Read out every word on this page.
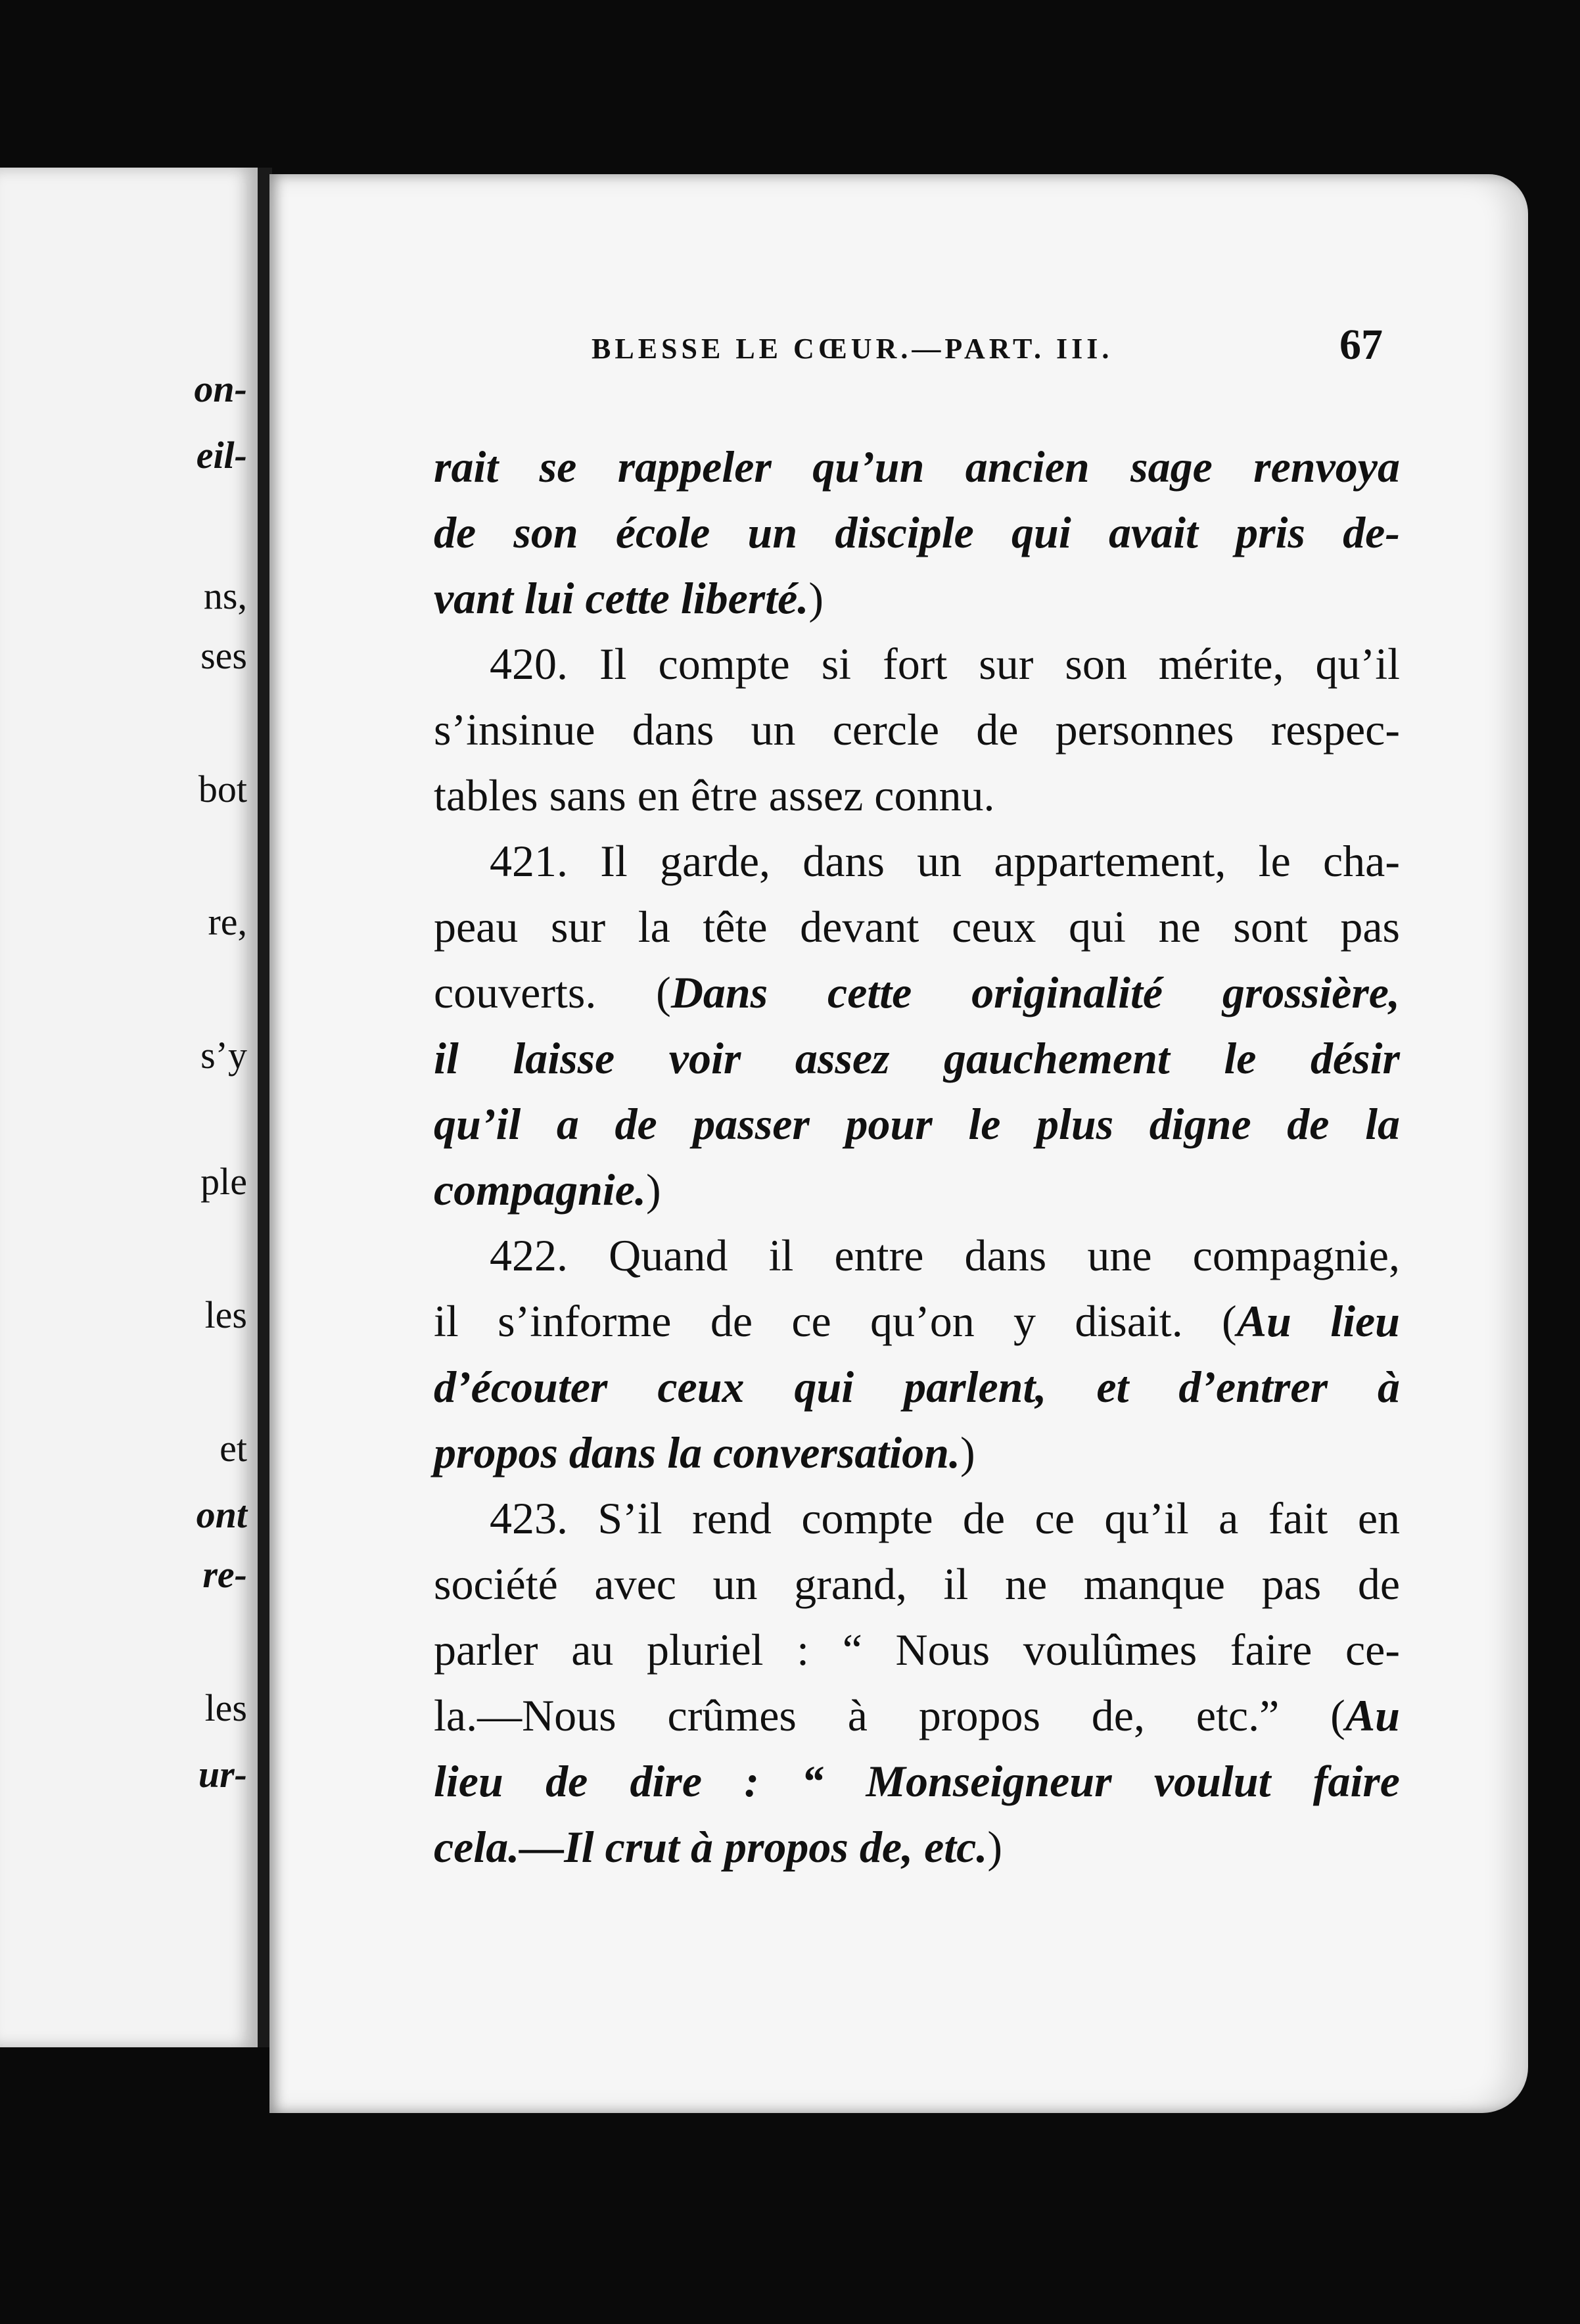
on-
eil-
ns,
ses
bot
re,
s’y
ple
les
et
ont
re-
les
ur-
BLESSE LE CŒUR.—PART. III.	67
rait se rappeler qu’un ancien sage renvoya
de son école un disciple qui avait pris de-
vant lui cette liberté.)
420. Il compte si fort sur son mérite, qu’il
s’insinue dans un cercle de personnes respec-
tables sans en être assez connu.
421. Il garde, dans un appartement, le cha-
peau sur la tête devant ceux qui ne sont pas
couverts. (Dans cette originalité grossière,
il laisse voir assez gauchement le désir
qu’il a de passer pour le plus digne de la
compagnie.)
422. Quand il entre dans une compagnie,
il s’informe de ce qu’on y disait. (Au lieu
d’écouter ceux qui parlent, et d’entrer à
propos dans la conversation.)
423. S’il rend compte de ce qu’il a fait en
société avec un grand, il ne manque pas de
parler au pluriel : “ Nous voulûmes faire ce-
la.—Nous crûmes à propos de, etc.” (Au
lieu de dire : “ Monseigneur voulut faire
cela.—Il crut à propos de, etc.)
